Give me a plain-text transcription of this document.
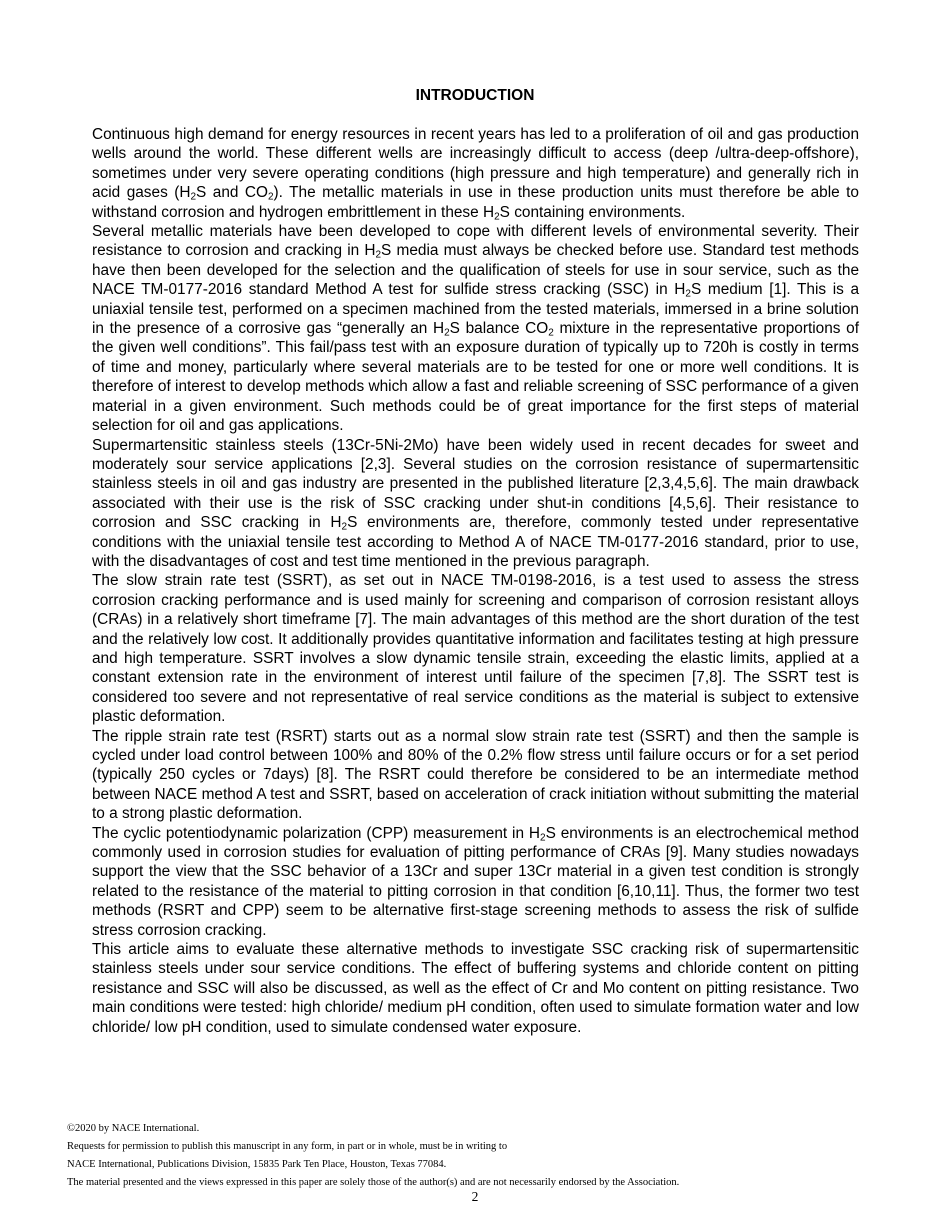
INTRODUCTION

Continuous high demand for energy resources in recent years has led to a proliferation of oil and gas production wells around the world. These different wells are increasingly difficult to access (deep /ultra-deep-offshore), sometimes under very severe operating conditions (high pressure and high temperature) and generally rich in acid gases ($H_2S$ and $CO_2$). The metallic materials in use in these production units must therefore be able to withstand corrosion and hydrogen embrittlement in these $H_2S$ containing environments.

Several metallic materials have been developed to cope with different levels of environmental severity. Their resistance to corrosion and cracking in $H_2S$ media must always be checked before use. Standard test methods have then been developed for the selection and the qualification of steels for use in sour service, such as the NACE TM-0177-2016 standard Method A test for sulfide stress cracking (SSC) in $H_2S$ medium [1]. This is a uniaxial tensile test, performed on a specimen machined from the tested materials, immersed in a brine solution in the presence of a corrosive gas “generally an $H_2S$ balance $CO_2$ mixture in the representative proportions of the given well conditions”. This fail/pass test with an exposure duration of typically up to 720h is costly in terms of time and money, particularly where several materials are to be tested for one or more well conditions. It is therefore of interest to develop methods which allow a fast and reliable screening of SSC performance of a given material in a given environment. Such methods could be of great importance for the first steps of material selection for oil and gas applications.

Supermartensitic stainless steels (13Cr-5Ni-2Mo) have been widely used in recent decades for sweet and moderately sour service applications [2,3]. Several studies on the corrosion resistance of supermartensitic stainless steels in oil and gas industry are presented in the published literature [2,3,4,5,6]. The main drawback associated with their use is the risk of SSC cracking under shut-in conditions [4,5,6]. Their resistance to corrosion and SSC cracking in $H_2S$ environments are, therefore, commonly tested under representative conditions with the uniaxial tensile test according to Method A of NACE TM-0177-2016 standard, prior to use, with the disadvantages of cost and test time mentioned in the previous paragraph.

The slow strain rate test (SSRT), as set out in NACE TM-0198-2016, is a test used to assess the stress corrosion cracking performance and is used mainly for screening and comparison of corrosion resistant alloys (CRAs) in a relatively short timeframe [7]. The main advantages of this method are the short duration of the test and the relatively low cost. It additionally provides quantitative information and facilitates testing at high pressure and high temperature. SSRT involves a slow dynamic tensile strain, exceeding the elastic limits, applied at a constant extension rate in the environment of interest until failure of the specimen [7,8]. The SSRT test is considered too severe and not representative of real service conditions as the material is subject to extensive plastic deformation.

The ripple strain rate test (RSRT) starts out as a normal slow strain rate test (SSRT) and then the sample is cycled under load control between 100% and 80% of the 0.2% flow stress until failure occurs or for a set period (typically 250 cycles or 7days) [8]. The RSRT could therefore be considered to be an intermediate method between NACE method A test and SSRT, based on acceleration of crack initiation without submitting the material to a strong plastic deformation.

The cyclic potentiodynamic polarization (CPP) measurement in $H_2S$ environments is an electrochemical method commonly used in corrosion studies for evaluation of pitting performance of CRAs [9]. Many studies nowadays support the view that the SSC behavior of a 13Cr and super 13Cr material in a given test condition is strongly related to the resistance of the material to pitting corrosion in that condition [6,10,11]. Thus, the former two test methods (RSRT and CPP) seem to be alternative first-stage screening methods to assess the risk of sulfide stress corrosion cracking.

This article aims to evaluate these alternative methods to investigate SSC cracking risk of supermartensitic stainless steels under sour service conditions. The effect of buffering systems and chloride content on pitting resistance and SSC will also be discussed, as well as the effect of Cr and Mo content on pitting resistance. Two main conditions were tested: high chloride/ medium pH condition, often used to simulate formation water and low chloride/ low pH condition, used to simulate condensed water exposure.

©2020 by NACE International.
Requests for permission to publish this manuscript in any form, in part or in whole, must be in writing to
NACE International, Publications Division, 15835 Park Ten Place, Houston, Texas 77084.
The material presented and the views expressed in this paper are solely those of the author(s) and are not necessarily endorsed by the Association.
2
